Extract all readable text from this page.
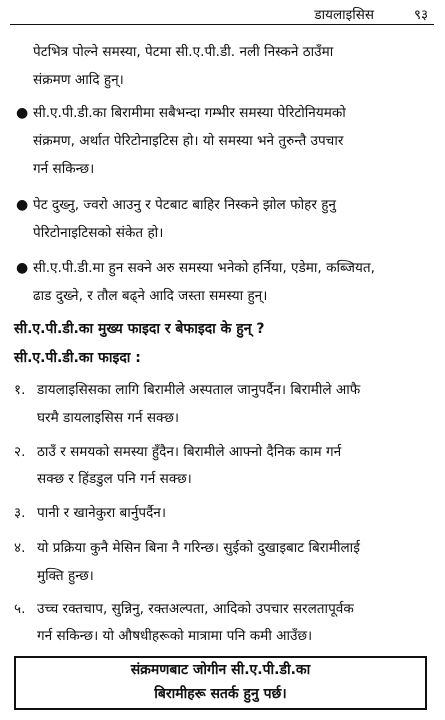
डायलाइसिस	९३

पेटभित्र पोल्ने समस्या, पेटमा सी.ए.पी.डी. नली निस्कने ठाउँमा

संक्रमण आदि हुन्।

● सी.ए.पी.डी.का बिरामीमा सबैभन्दा गम्भीर समस्या पेरिटोनियमको

संक्रमण, अर्थात पेरिटोनाइटिस हो। यो समस्या भने तुरुन्तै उपचार

गर्न सकिन्छ।

● पेट दुख्नु, ज्वरो आउनु र पेटबाट बाहिर निस्कने झोल फोहर हुनु

पेरिटोनाइटिसको संकेत हो।

● सी.ए.पी.डी.मा हुन सक्ने अरु समस्या भनेको हर्निया, एडेमा, कब्जियत,

ढाड दुख्ने, र तौल बढ्ने आदि जस्ता समस्या हुन्।

सी.ए.पी.डी.का मुख्य फाइदा र बेफाइदा के हुन् ?
सी.ए.पी.डी.का फाइदा :
१. डायलाइसिसका लागि बिरामीले अस्पताल जानुपर्दैन। बिरामीले आफै

घरमै डायलाइसिस गर्न सक्छ।

२. ठाउँ र समयको समस्या हुँदैन। बिरामीले आफ्नो दैनिक काम गर्न

सक्छ र हिंडडुल पनि गर्न सक्छ।

३. पानी र खानेकुरा बार्नुपर्दैन।
४. यो प्रक्रिया कुनै मेसिन बिना नै गरिन्छ। सुईको दुखाइबाट बिरामीलाई

मुक्ति हुन्छ।

५. उच्च रक्तचाप, सुन्निनु, रक्तअल्पता, आदिको उपचार सरलतापूर्वक

गर्न सकिन्छ। यो औषधीहरूको मात्रामा पनि कमी आउँछ।

संक्रमणबाट जोगीन सी.ए.पी.डी.का
बिरामीहरू सतर्क हुनु पर्छ।
